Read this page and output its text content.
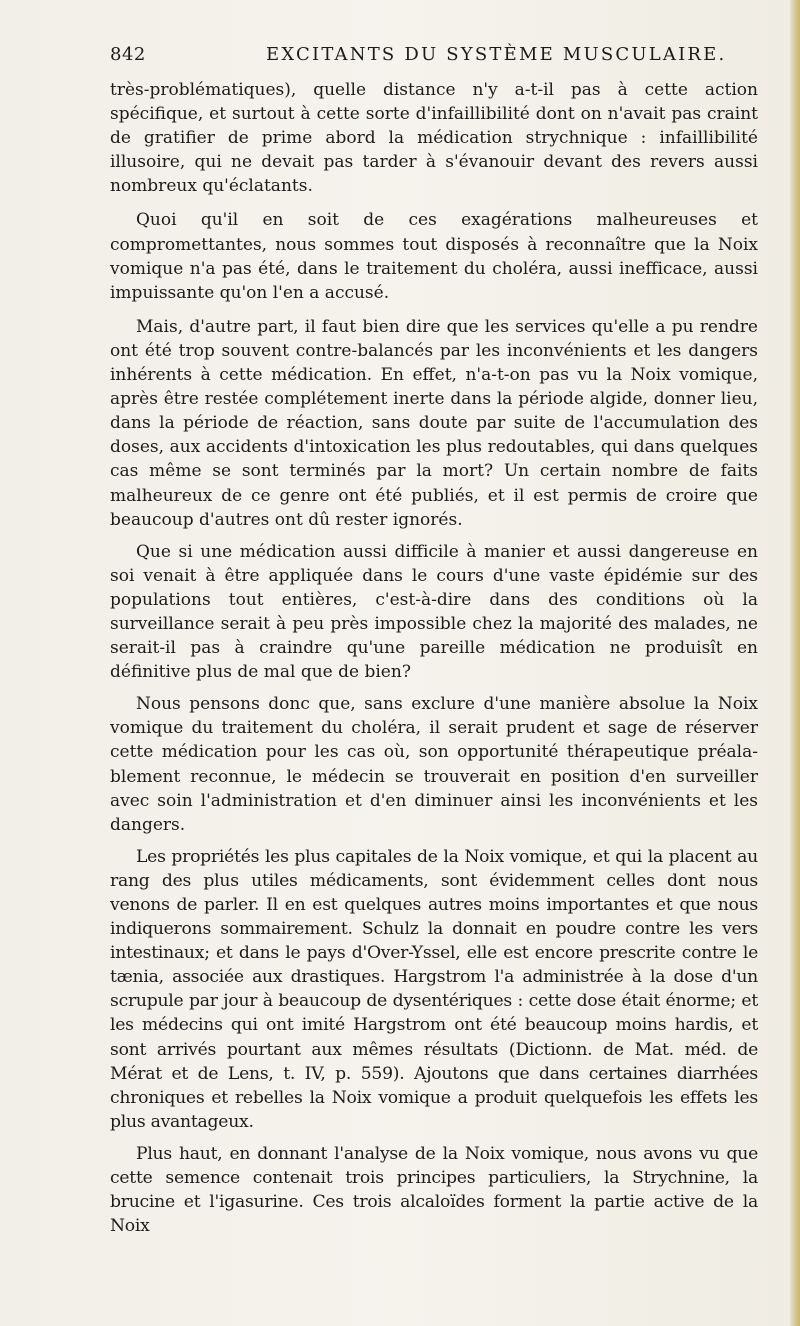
842	EXCITANTS DU SYSTÈME MUSCULAIRE.

très-problématiques), quelle distance n'y a-t-il pas à cette action spécifique, et surtout à cette sorte d'infaillibilité dont on n'avait pas craint de gratifier de prime abord la médication strychnique : infaillibilité illusoire, qui ne devait pas tarder à s'évanouir devant des revers aussi nombreux qu'éclatants.

Quoi qu'il en soit de ces exagérations malheureuses et compromettantes, nous sommes tout disposés à reconnaître que la Noix vomique n'a pas été, dans le traitement du choléra, aussi inefficace, aussi impuissante qu'on l'en a accusé.

Mais, d'autre part, il faut bien dire que les services qu'elle a pu rendre ont été trop souvent contre-balancés par les inconvénients et les dangers inhérents à cette médication. En effet, n'a-t-on pas vu la Noix vomique, après être restée complétement inerte dans la période algide, donner lieu, dans la période de réaction, sans doute par suite de l'accumulation des doses, aux accidents d'intoxication les plus redoutables, qui dans quelques cas même se sont terminés par la mort? Un certain nombre de faits malheureux de ce genre ont été publiés, et il est permis de croire que beaucoup d'autres ont dû rester ignorés.

Que si une médication aussi difficile à manier et aussi dangereuse en soi venait à être appliquée dans le cours d'une vaste épidémie sur des populations tout entières, c'est-à-dire dans des conditions où la surveillance serait à peu près impossible chez la majorité des malades, ne serait-il pas à craindre qu'une pareille médication ne produisît en définitive plus de mal que de bien?

Nous pensons donc que, sans exclure d'une manière absolue la Noix vomique du traitement du choléra, il serait prudent et sage de réserver cette médication pour les cas où, son opportunité thérapeutique préala-blement reconnue, le médecin se trouverait en position d'en surveiller avec soin l'administration et d'en diminuer ainsi les inconvénients et les dangers.

Les propriétés les plus capitales de la Noix vomique, et qui la placent au rang des plus utiles médicaments, sont évidemment celles dont nous venons de parler. Il en est quelques autres moins importantes et que nous indiquerons sommairement. Schulz la donnait en poudre contre les vers intestinaux; et dans le pays d'Over-Yssel, elle est encore prescrite contre le tænia, associée aux drastiques. Hargstrom l'a administrée à la dose d'un scrupule par jour à beaucoup de dysentériques : cette dose était énorme; et les médecins qui ont imité Hargstrom ont été beaucoup moins hardis, et sont arrivés pourtant aux mêmes résultats (Dictionn. de Mat. méd. de Mérat et de Lens, t. IV, p. 559). Ajoutons que dans certaines diarrhées chroniques et rebelles la Noix vomique a produit quelquefois les effets les plus avantageux.

Plus haut, en donnant l'analyse de la Noix vomique, nous avons vu que cette semence contenait trois principes particuliers, la Strychnine, la brucine et l'igasurine. Ces trois alcaloïdes forment la partie active de la Noix
